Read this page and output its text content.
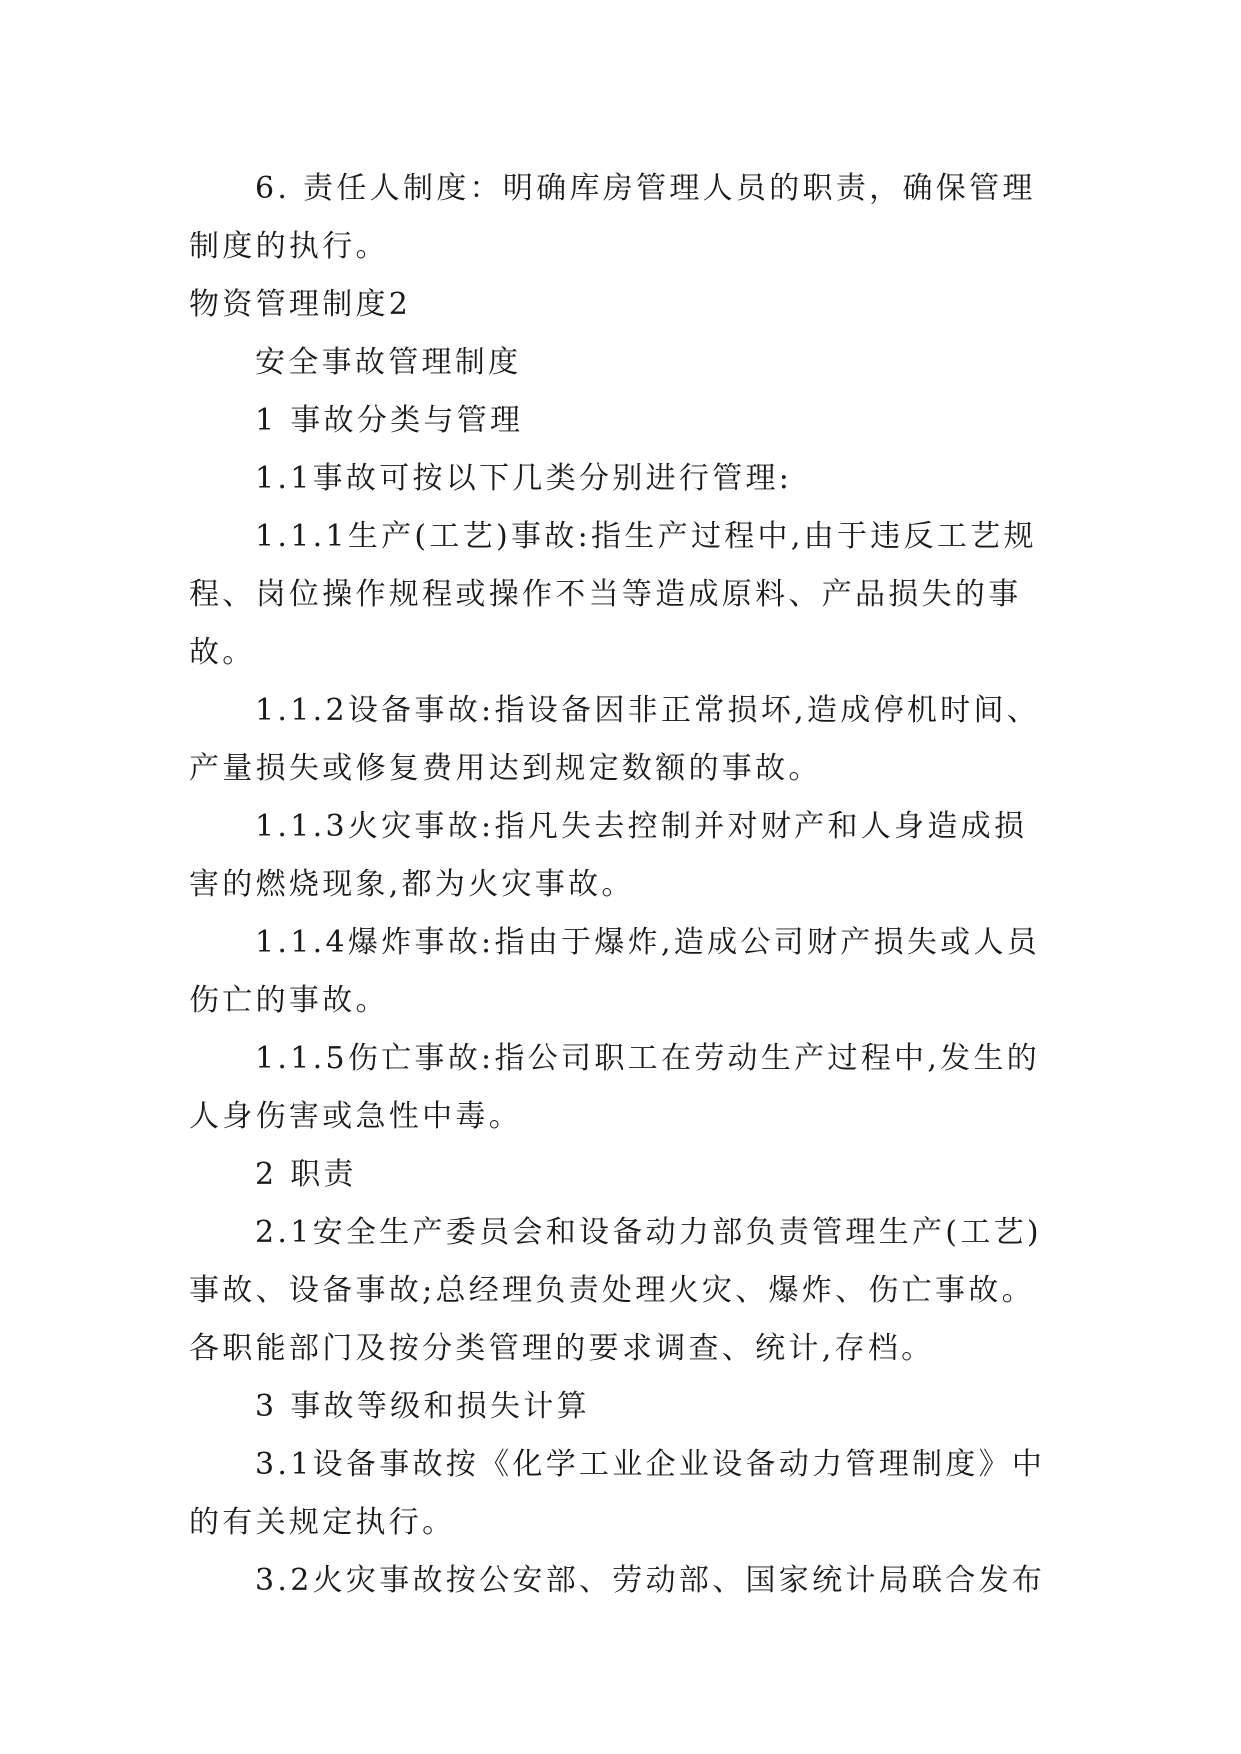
6. 责任人制度：明确库房管理人员的职责，确保管理制度的执行。

物资管理制度2

安全事故管理制度

1 事故分类与管理

1.1事故可按以下几类分别进行管理:

1.1.1生产(工艺)事故:指生产过程中,由于违反工艺规程、岗位操作规程或操作不当等造成原料、产品损失的事故。

1.1.2设备事故:指设备因非正常损坏,造成停机时间、产量损失或修复费用达到规定数额的事故。

1.1.3火灾事故:指凡失去控制并对财产和人身造成损害的燃烧现象,都为火灾事故。

1.1.4爆炸事故:指由于爆炸,造成公司财产损失或人员伤亡的事故。

1.1.5伤亡事故:指公司职工在劳动生产过程中,发生的人身伤害或急性中毒。

2 职责

2.1安全生产委员会和设备动力部负责管理生产(工艺)事故、设备事故;总经理负责处理火灾、爆炸、伤亡事故。各职能部门及按分类管理的要求调查、统计,存档。

3 事故等级和损失计算

3.1设备事故按《化学工业企业设备动力管理制度》中的有关规定执行。

3.2火灾事故按公安部、劳动部、国家统计局联合发布
